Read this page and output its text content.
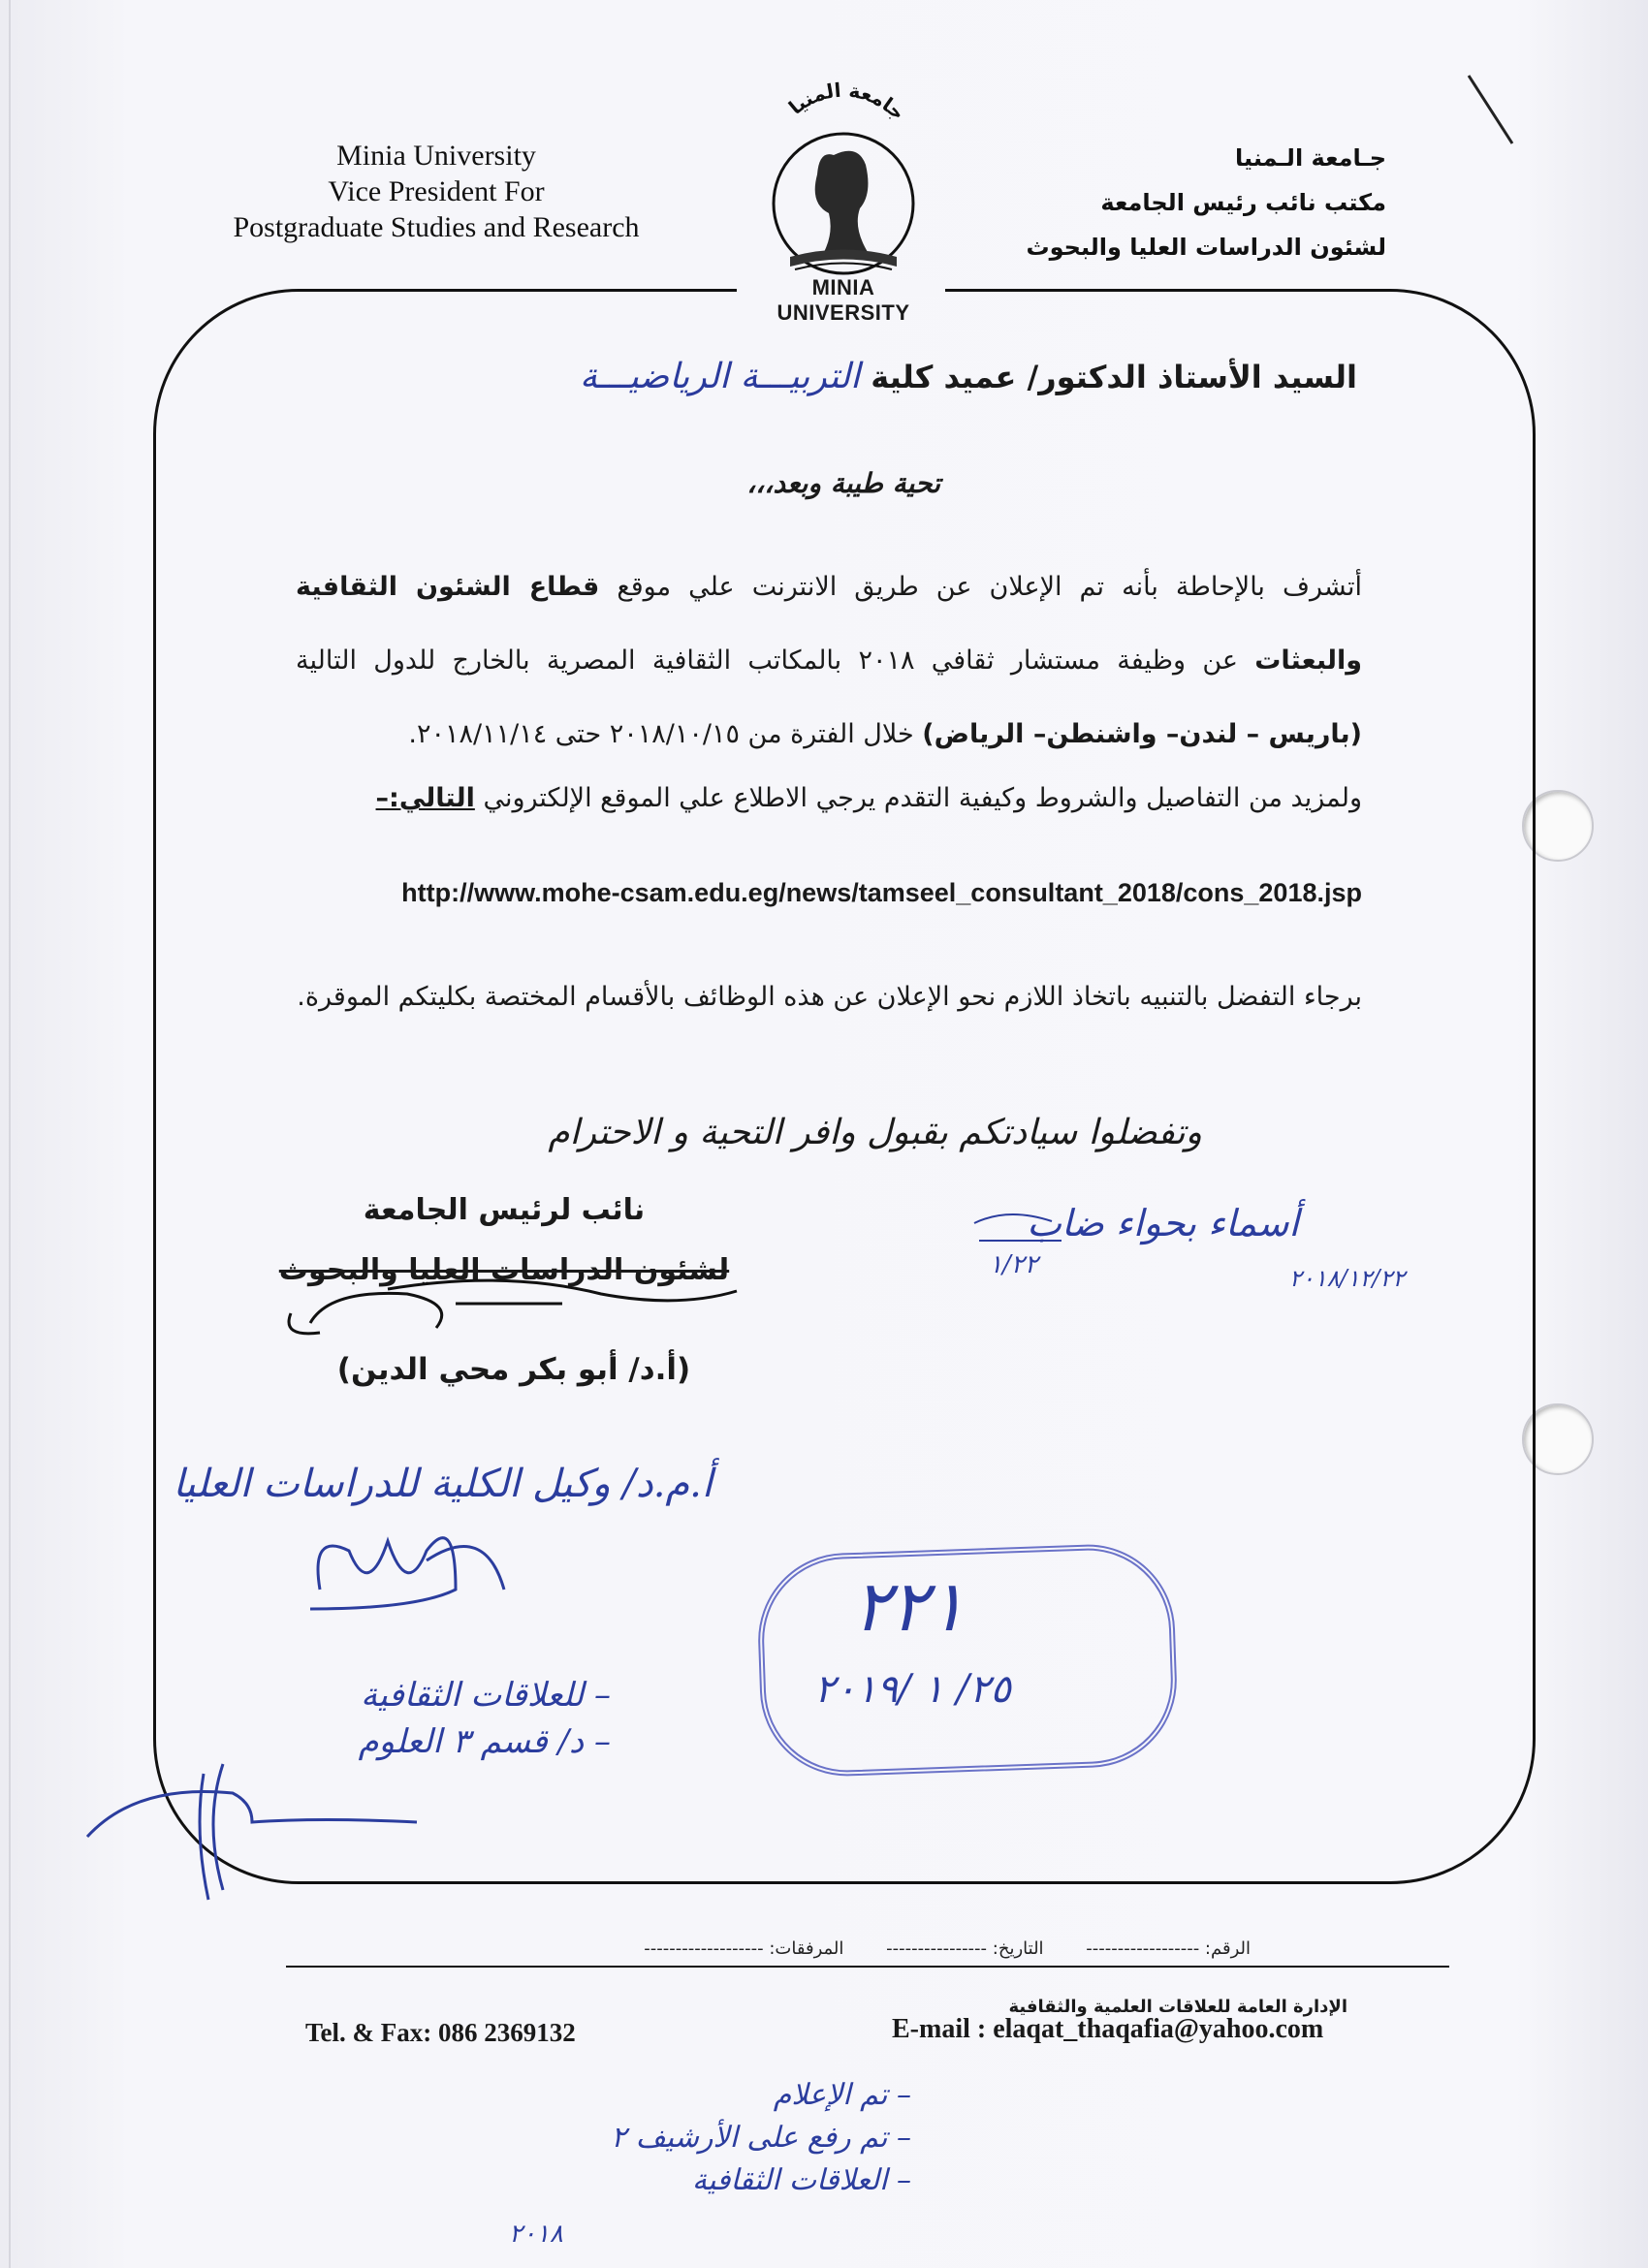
Minia University
Vice President For
Postgraduate Studies and Research
جـامعة الـمنيا
مكتب نائب رئيس الجامعة
لشئون الدراسات العليا والبحوث
جامعة المنيا
MINIA UNIVERSITY
السيد الأستاذ الدكتور/ عميد كلية التربيـــة الرياضيـــة
تحية طيبة وبعد،،،
أتشرف بالإحاطة بأنه تم الإعلان عن طريق الانترنت علي موقع قطاع الشئون الثقافية والبعثات عن وظيفة مستشار ثقافي ٢٠١٨ بالمكاتب الثقافية المصرية بالخارج للدول التالية (باريس – لندن– واشنطن– الرياض) خلال الفترة من ٢٠١٨/١٠/١٥ حتى ٢٠١٨/١١/١٤.
ولمزيد من التفاصيل والشروط وكيفية التقدم يرجي الاطلاع علي الموقع الإلكتروني التالي:–
http://www.mohe-csam.edu.eg/news/tamseel_consultant_2018/cons_2018.jsp
برجاء التفضل بالتنبيه باتخاذ اللازم نحو الإعلان عن هذه الوظائف بالأقسام المختصة بكليتكم الموقرة.
وتفضلوا سيادتكم بقبول وافر التحية و الاحترام
نائب لرئيس الجامعة
لشئون الدراسات العليا والبحوث
(أ.د/ أبو بكر محي الدين)
أسماء بحواء ضاب
١/٢٢	٢٠١٨/١٢/٢٢
أ.م.د/ وكيل الكلية للدراسات العليا
– للعلاقات الثقافية
– د/ قسم ٣ العلوم
٢٢١
٢٥/ ١ /٢٠١٩
الرقم: ------------------ التاريخ: ---------------- المرفقات: -------------------
الإدارة العامة للعلاقات العلمية والثقافية
E-mail : elaqat_thaqafia@yahoo.com
Tel. & Fax: 086 2369132
– تم الإعلام
– تم رفع على الأرشيف ٢
– العلاقات الثقافية
٢٠١٨
